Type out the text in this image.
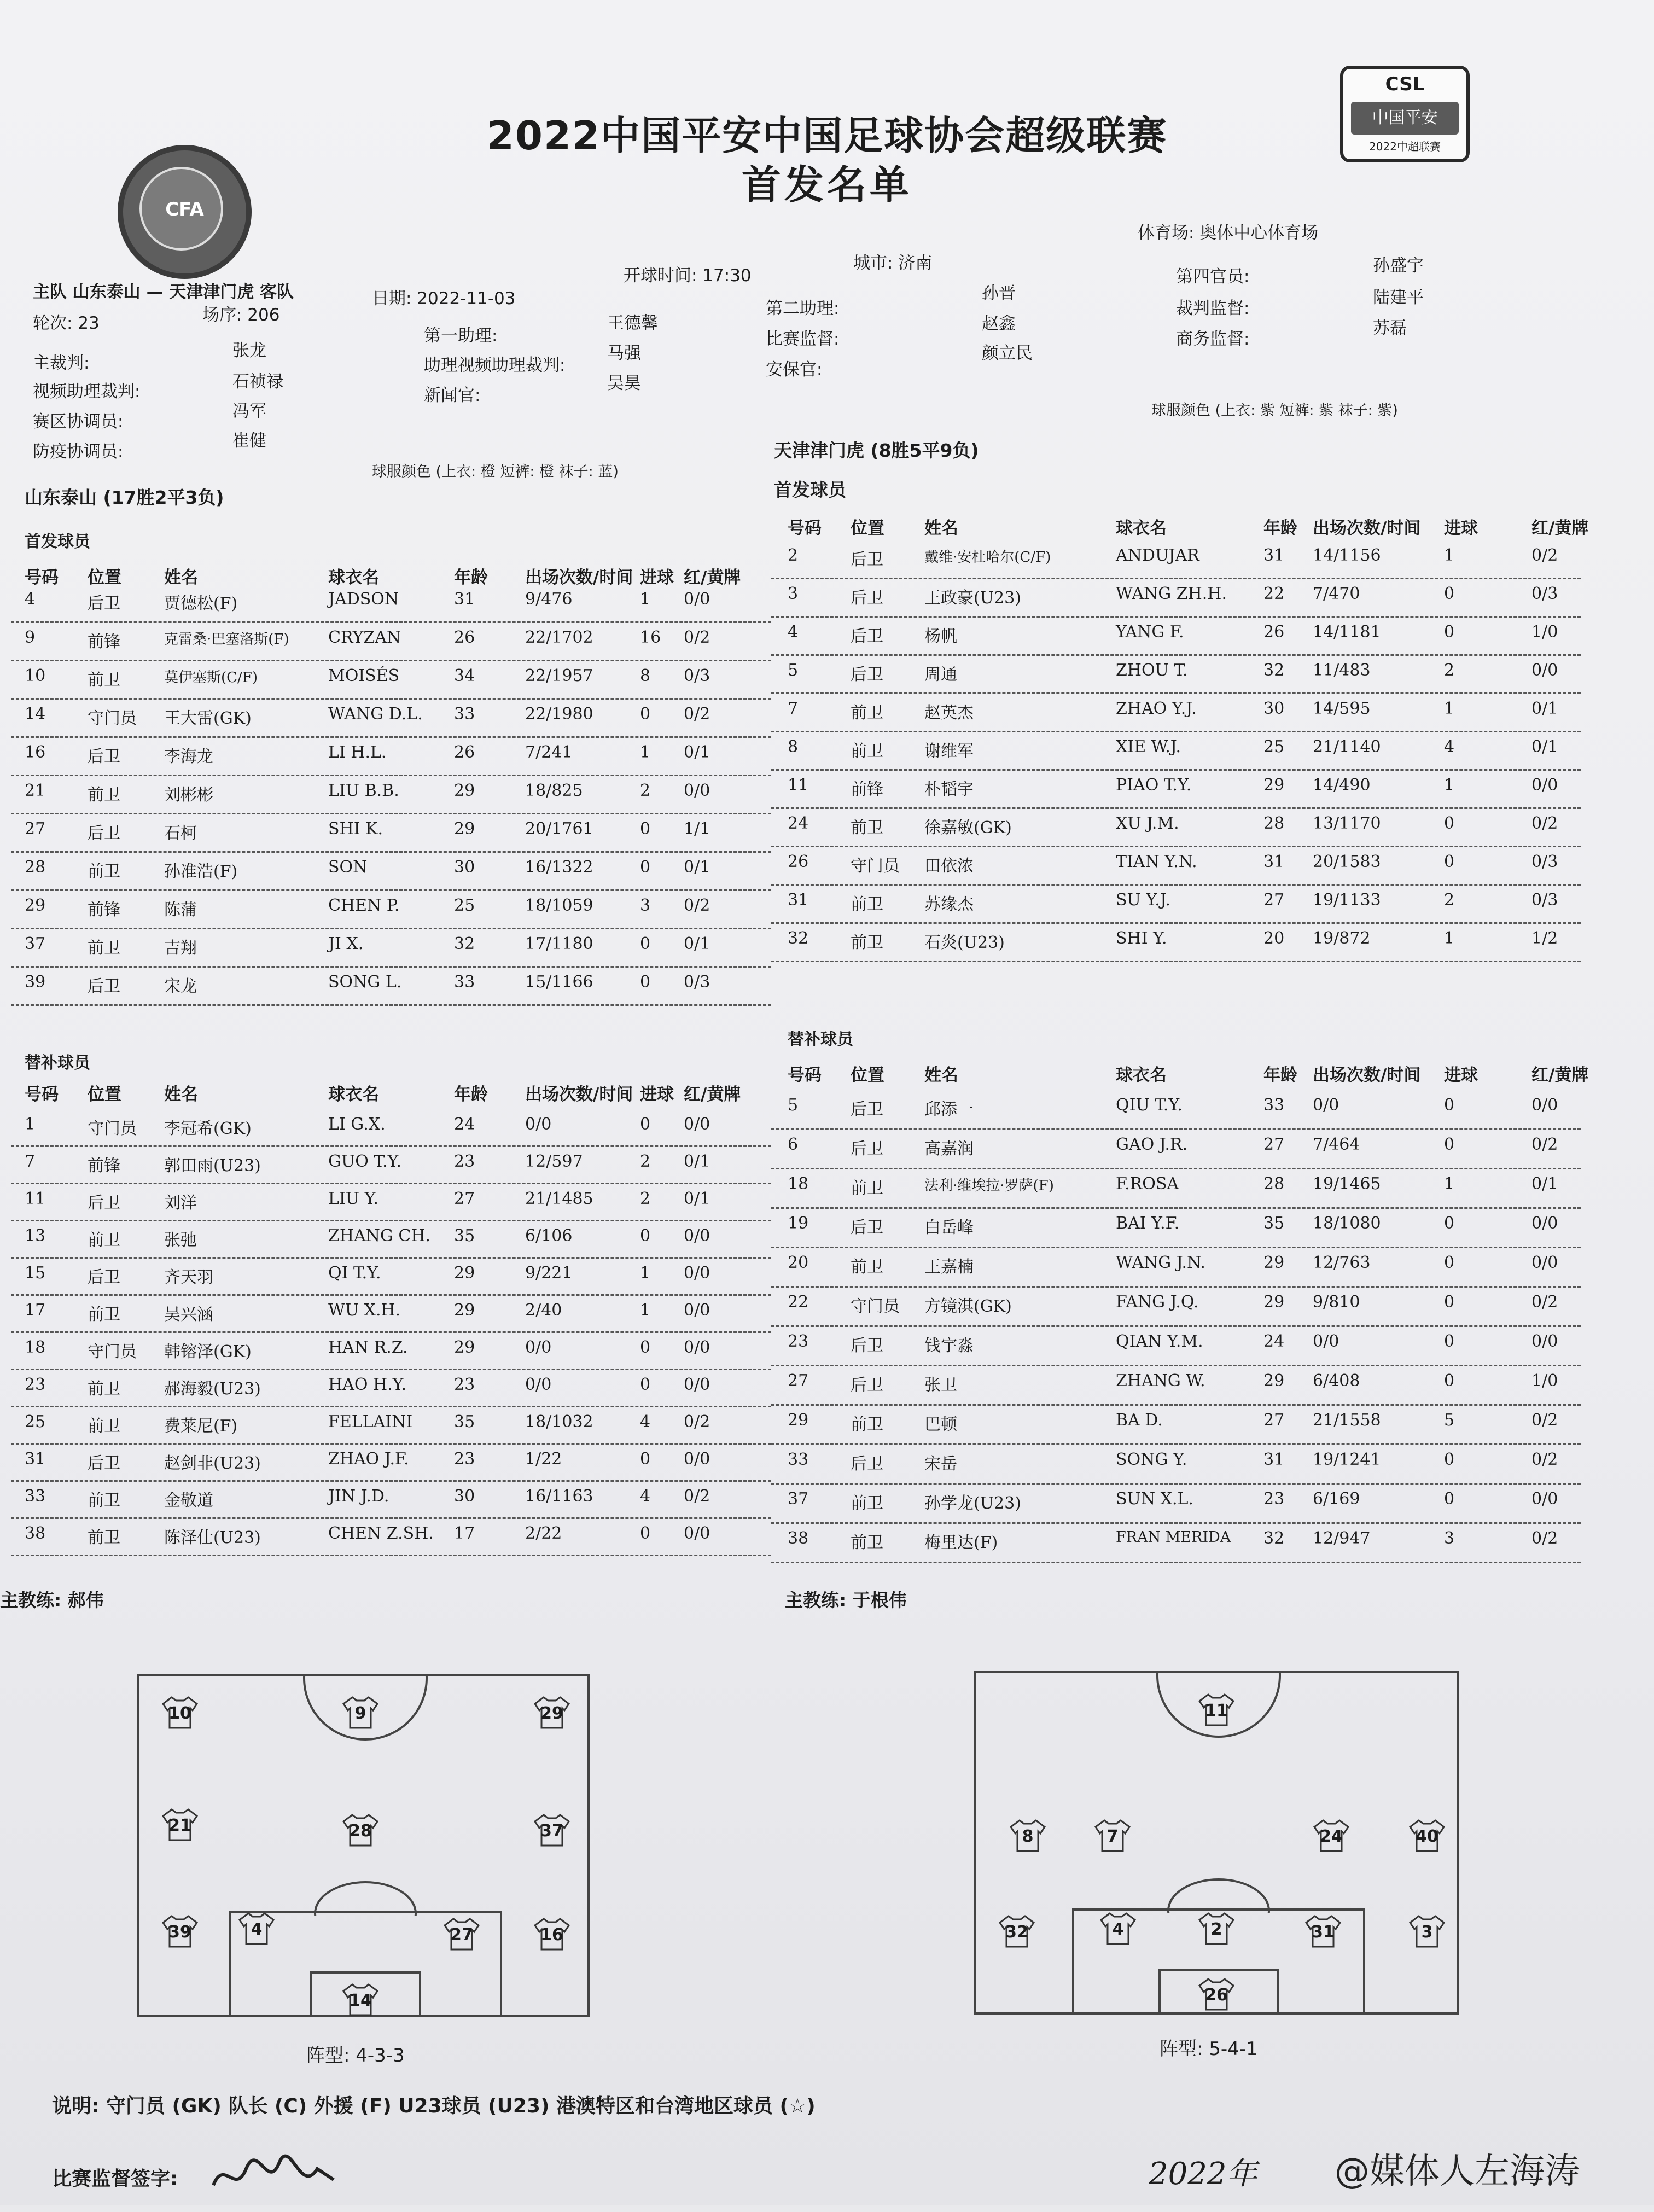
CFA
CSL
中国平安
2022中超联赛
2022中国平安中国足球协会超级联赛
首发名单
体育场: 奥体中心体育场
主队 山东泰山 — 天津津门虎 客队
开球时间: 17:30
城市: 济南
日期: 2022-11-03
轮次: 23	场序: 206
主裁判:
张龙
视频助理裁判:	石祯禄
赛区协调员:
冯军
防疫协调员:
崔健
第一助理:
王德馨
助理视频助理裁判:
马强
新闻官:
吴昊
第二助理:
孙晋
比赛监督:
赵鑫
安保官:
颜立民
第四官员:
孙盛宇
裁判监督:
陆建平
商务监督:
苏磊
球服颜色 (上衣: 紫 短裤: 紫 袜子: 紫)
球服颜色 (上衣: 橙 短裤: 橙 袜子: 蓝)
天津津门虎 (8胜5平9负)
首发球员
山东泰山 (17胜2平3负)
首发球员
号码 位置	姓名	球衣名	年龄 出场次数/时间 进球 红/黄牌
4	后卫	贾德松(F)	JADSON	31	9/476	1 0/0
9	前锋	克雷桑·巴塞洛斯(F) CRYZAN	26	22/1702	16 0/2
10	前卫	莫伊塞斯(C/F)	MOISÉS	34	22/1957	8 0/3
14	守门员 王大雷(GK)	WANG D.L. 33	22/1980	0 0/2
16	后卫	李海龙	LI H.L.	26	7/241	1 0/1
21	前卫	刘彬彬	LIU B.B.	29	18/825	2 0/0
27	后卫	石柯	SHI K.	29	20/1761	0 1/1
28	前卫	孙准浩(F)	SON	30	16/1322	0 0/1
29	前锋	陈蒲	CHEN P.	25	18/1059	3 0/2
37	前卫	吉翔	JI X.	32	17/1180	0 0/1
39	后卫	宋龙	SONG L.	33	15/1166	0 0/3
号码 位置 姓名	球衣名	年龄 出场次数/时间 进球	红/黄牌
2	后卫	戴维·安杜哈尔(C/F)	ANDUJAR	31 14/1156	1	0/2
3	后卫	王政豪(U23)	WANG ZH.H. 22 7/470	0	0/3
4	后卫	杨帆	YANG F.	26 14/1181	0	1/0
5	后卫	周通	ZHOU T.	32 11/483	2	0/0
7	前卫	赵英杰	ZHAO Y.J.	30 14/595	1	0/1
8	前卫	谢维军	XIE W.J.	25 21/1140	4	0/1
11	前锋	朴韬宇	PIAO T.Y.	29 14/490	1	0/0
24	前卫	徐嘉敏(GK)	XU J.M.	28 13/1170	0	0/2
26	守门员 田依浓	TIAN Y.N.	31 20/1583	0	0/3
31	前卫	苏缘杰	SU Y.J.	27 19/1133	2	0/3
32	前卫	石炎(U23)	SHI Y.	20 19/872	1	1/2
号码 位置	姓名	球衣名	年龄 出场次数/时间 进球 红/黄牌
1	守门员 李冠希(GK)	LI G.X.	24	0/0	0 0/0
7	前锋	郭田雨(U23)	GUO T.Y.	23	12/597	2 0/1
11	后卫	刘洋	LIU Y.	27	21/1485	2 0/1
13	前卫	张弛	ZHANG CH. 35	6/106	0 0/0
15	后卫	齐天羽	QI T.Y.	29	9/221	1 0/0
17	前卫	吴兴涵	WU X.H.	29	2/40	1 0/0
18	守门员 韩镕泽(GK)	HAN R.Z.	29	0/0	0 0/0
23	前卫	郝海毅(U23)	HAO H.Y.	23	0/0	0 0/0
25	前卫	费莱尼(F)	FELLAINI	35	18/1032	4 0/2
31	后卫	赵剑非(U23)	ZHAO J.F.	23	1/22	0 0/0
33	前卫	金敬道	JIN J.D.	30	16/1163	4 0/2
38	前卫	陈泽仕(U23)	CHEN Z.SH. 17	2/22	0 0/0
号码 位置 姓名	球衣名	年龄 出场次数/时间 进球	红/黄牌
5	后卫	邱添一	QIU T.Y.	33 0/0	0	0/0
6	后卫	高嘉润	GAO J.R.	27 7/464	0	0/2
18	前卫	法利·维埃拉·罗萨(F)	F.ROSA	28 19/1465	1	0/1
19	后卫	白岳峰	BAI Y.F.	35 18/1080	0	0/0
20	前卫	王嘉楠	WANG J.N.	29 12/763	0	0/0
22	守门员 方镜淇(GK)	FANG J.Q.	29 9/810	0	0/2
23	后卫	钱宇淼	QIAN Y.M.	24 0/0	0	0/0
27	后卫	张卫	ZHANG W.	29 6/408	0	1/0
29	前卫	巴顿	BA D.	27 21/1558	5	0/2
33	后卫	宋岳	SONG Y.	31 19/1241	0	0/2
37	前卫	孙学龙(U23)	SUN X.L.	23 6/169	0	0/0
38	前卫	梅里达(F)	FRAN MERIDA 32 12/947	3	0/2
替补球员
替补球员
主教练: 郝伟	主教练: 于根伟
10	9	29
21	28	37
39	4	27	16
14
11
8	7	24	40
32	4	2	31	3
26
阵型: 4-3-3	阵型: 5-4-1
说明: 守门员 (GK) 队长 (C) 外援 (F) U23球员 (U23) 港澳特区和台湾地区球员 (☆)
比赛监督签字:	2022年 @媒体人左海涛
